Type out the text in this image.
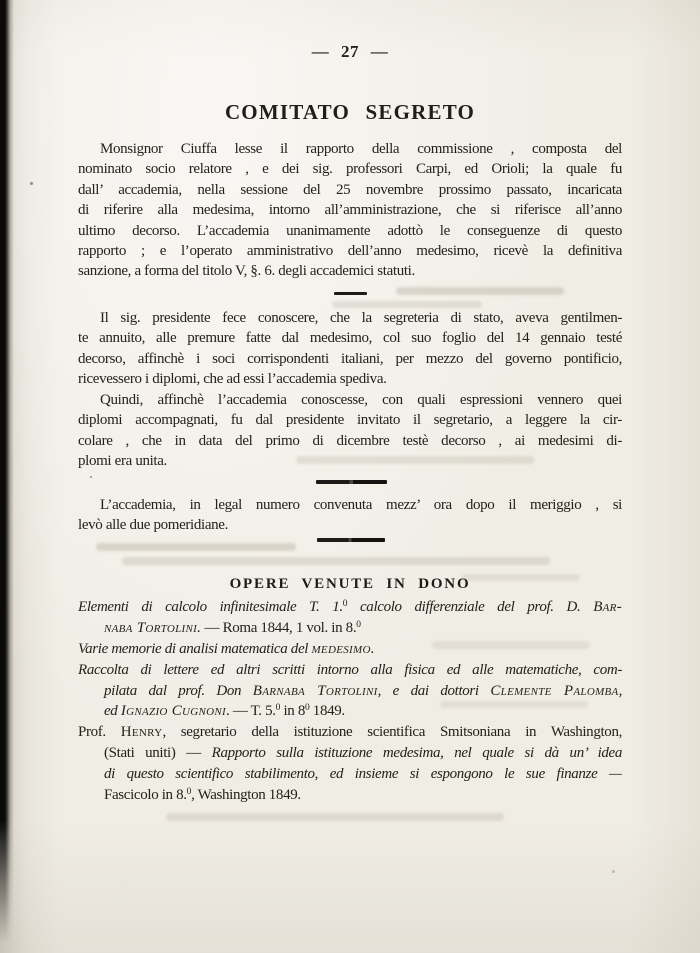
— 27 —
COMITATO SEGRETO
Monsignor Ciuffa lesse il rapporto della commissione , composta del
nominato socio relatore , e dei sig. professori Carpi, ed Orioli; la quale fu
dall’ accademia, nella sessione del 25 novembre prossimo passato, incaricata
di riferire alla medesima, intorno all’amministrazione, che si riferisce all’anno
ultimo decorso. L’accademia unanimamente adottò le conseguenze di questo
rapporto ; e l’operato amministrativo dell’anno medesimo, ricevè la definitiva
sanzione, a forma del titolo V, §. 6. degli accademici statuti.
Il sig. presidente fece conoscere, che la segreteria di stato, aveva gentilmen-
te annuito, alle premure fatte dal medesimo, col suo foglio del 14 gennaio testé
decorso, affinchè i soci corrispondenti italiani, per mezzo del governo pontificio,
ricevessero i diplomi, che ad essi l’accademia spediva.
Quindi, affinchè l’accademia conoscesse, con quali espressioni vennero quei
diplomi accompagnati, fu dal presidente invitato il segretario, a leggere la cir-
colare , che in data del primo di dicembre testè decorso , ai medesimi di-
plomi era unita.
L’accademia, in legal numero convenuta mezz’ ora dopo il meriggio , si
levò alle due pomeridiane.
OPERE VENUTE IN DONO
Elementi di calcolo infinitesimale T. 1.$^0$ calcolo differenziale del prof. D. Bar-
naba Tortolini. — Roma 1844, 1 vol. in 8.$^0$
Varie memorie di analisi matematica del medesimo.
Raccolta di lettere ed altri scritti intorno alla fisica ed alle matematiche, com-
pilata dal prof. Don Barnaba Tortolini, e dai dottori Clemente Palomba,
ed Ignazio Cugnoni. — T. 5.$^0$ in $8^0$ 1849.
Prof. Henry, segretario della istituzione scientifica Smitsoniana in Washington,
(Stati uniti) — Rapporto sulla istituzione medesima, nel quale si dà un’ idea
di questo scientifico stabilimento, ed insieme si espongono le sue finanze —
Fascicolo in 8.$^0$, Washington 1849.
